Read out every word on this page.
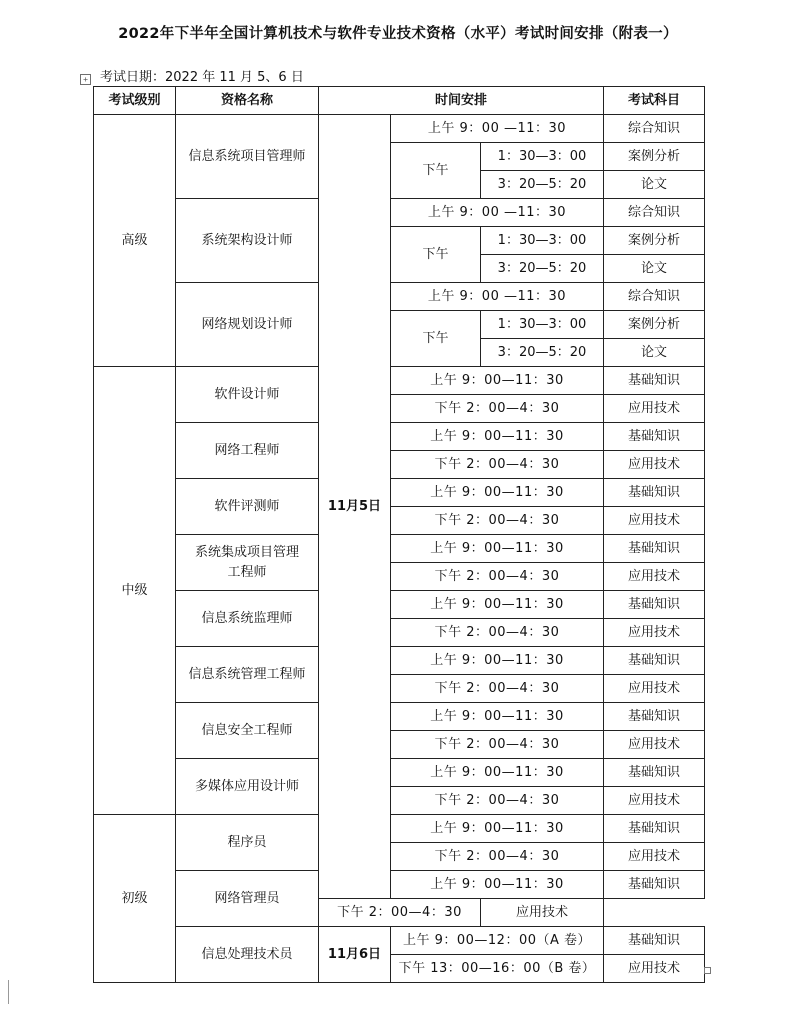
2022年下半年全国计算机技术与软件专业技术资格（水平）考试时间安排（附表一）
+ 考试日期：2022 年 11 月 5、6 日
考试级别	资格名称	时间安排			考试科目
高级	信息系统项目管理师	11月5日	上午 9：00 —11：30		综合知识
			下午	1：30—3：00	案例分析
				3：20—5：20	论文
	系统架构设计师		上午 9：00 —11：30		综合知识
			下午	1：30—3：00	案例分析
				3：20—5：20	论文
	网络规划设计师		上午 9：00 —11：30		综合知识
			下午	1：30—3：00	案例分析
				3：20—5：20	论文
中级	软件设计师		上午 9：00—11：30		基础知识
			下午 2：00—4：30		应用技术
	网络工程师		上午 9：00—11：30		基础知识
			下午 2：00—4：30		应用技术
	软件评测师		上午 9：00—11：30		基础知识
			下午 2：00—4：30		应用技术
	系统集成项目管理工程师		上午 9：00—11：30		基础知识
			下午 2：00—4：30		应用技术
	信息系统监理师		上午 9：00—11：30		基础知识
			下午 2：00—4：30		应用技术
	信息系统管理工程师		上午 9：00—11：30		基础知识
			下午 2：00—4：30		应用技术
	信息安全工程师		上午 9：00—11：30		基础知识
			下午 2：00—4：30		应用技术
	多媒体应用设计师		上午 9：00—11：30		基础知识
			下午 2：00—4：30		应用技术
初级	程序员		上午 9：00—11：30		基础知识
			下午 2：00—4：30		应用技术
	网络管理员		上午 9：00—11：30		基础知识
		下午 2：00—4：30		应用技术	
	信息处理技术员	11月6日	上午 9：00—12：00（A 卷）		基础知识
			下午 13：00—16：00（B 卷）		应用技术
